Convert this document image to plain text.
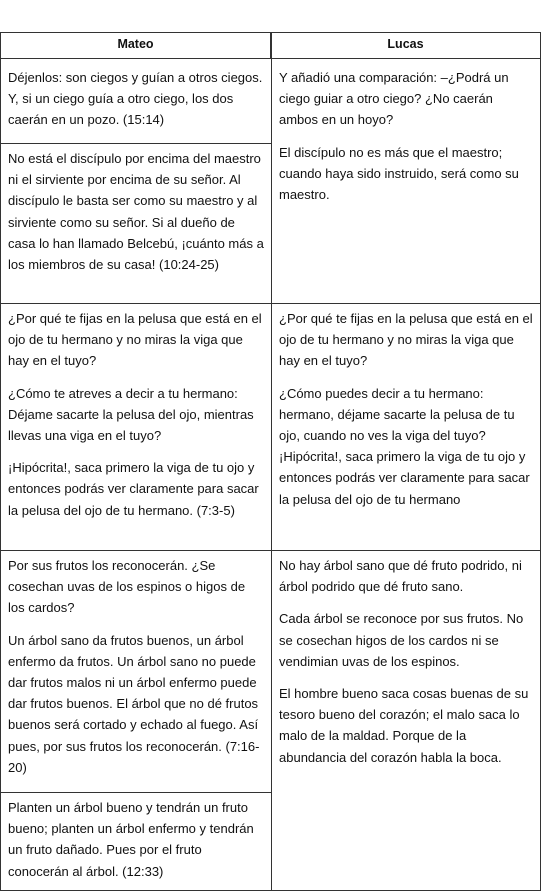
Mateo	Lucas

Déjenlos: son ciegos y guían a otros ciegos. Y, si un ciego guía a otro ciego, los dos caerán en un pozo. (15:14)

No está el discípulo por encima del maestro ni el sirviente por encima de su señor. Al discípulo le basta ser como su maestro y al sirviente como su señor. Si al dueño de casa lo han llamado Belcebú, ¡cuánto más a los miembros de su casa! (10:24-25)

Y añadió una comparación: –¿Podrá un ciego guiar a otro ciego? ¿No caerán ambos en un hoyo?

El discípulo no es más que el maestro; cuando haya sido instruido, será como su maestro.

¿Por qué te fijas en la pelusa que está en el ojo de tu hermano y no miras la viga que hay en el tuyo?

¿Cómo te atreves a decir a tu hermano: Déjame sacarte la pelusa del ojo, mientras llevas una viga en el tuyo?

¡Hipócrita!, saca primero la viga de tu ojo y entonces podrás ver claramente para sacar la pelusa del ojo de tu hermano. (7:3-5)

¿Por qué te fijas en la pelusa que está en el ojo de tu hermano y no miras la viga que hay en el tuyo?

¿Cómo puedes decir a tu hermano: hermano, déjame sacarte la pelusa de tu ojo, cuando no ves la viga del tuyo? ¡Hipócrita!, saca primero la viga de tu ojo y entonces podrás ver claramente para sacar la pelusa del ojo de tu hermano

Por sus frutos los reconocerán. ¿Se cosechan uvas de los espinos o higos de los cardos?

Un árbol sano da frutos buenos, un árbol enfermo da frutos. Un árbol sano no puede dar frutos malos ni un árbol enfermo puede dar frutos buenos. El árbol que no dé frutos buenos será cortado y echado al fuego. Así pues, por sus frutos los reconocerán. (7:16-20)

Planten un árbol bueno y tendrán un fruto bueno; planten un árbol enfermo y tendrán un fruto dañado. Pues por el fruto conocerán al árbol. (12:33)

No hay árbol sano que dé fruto podrido, ni árbol podrido que dé fruto sano.

Cada árbol se reconoce por sus frutos. No se cosechan higos de los cardos ni se vendimian uvas de los espinos.

El hombre bueno saca cosas buenas de su tesoro bueno del corazón; el malo saca lo malo de la maldad. Porque de la abundancia del corazón habla la boca.
